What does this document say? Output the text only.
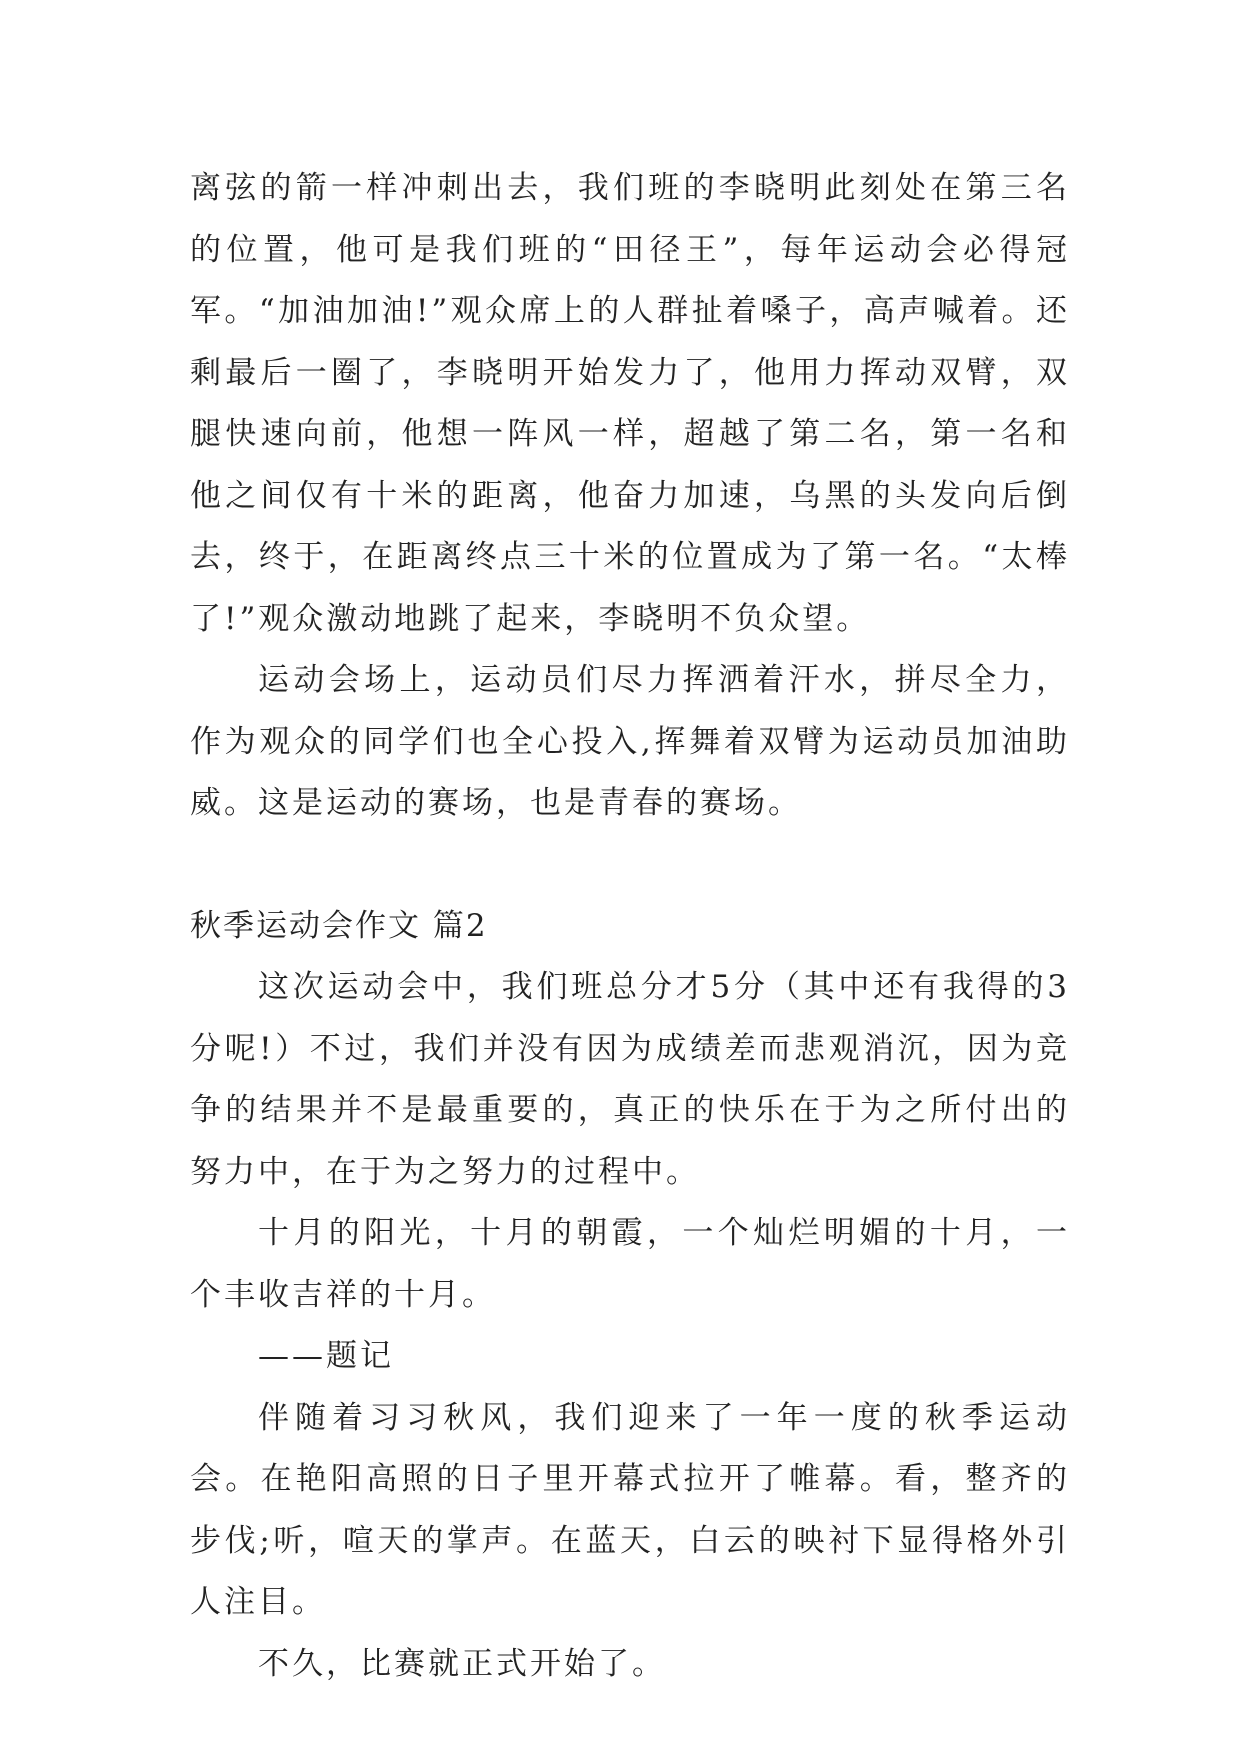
离弦的箭一样冲刺出去，我们班的李晓明此刻处在第三名的位置，他可是我们班的“田径王”，每年运动会必得冠军。“加油加油!”观众席上的人群扯着嗓子，高声喊着。还剩最后一圈了，李晓明开始发力了，他用力挥动双臂，双腿快速向前，他想一阵风一样，超越了第二名，第一名和他之间仅有十米的距离，他奋力加速，乌黑的头发向后倒去，终于，在距离终点三十米的位置成为了第一名。“太棒了!”观众激动地跳了起来，李晓明不负众望。

运动会场上，运动员们尽力挥洒着汗水，拼尽全力，作为观众的同学们也全心投入,挥舞着双臂为运动员加油助威。这是运动的赛场，也是青春的赛场。

秋季运动会作文 篇2

这次运动会中，我们班总分才5分（其中还有我得的3分呢!）不过，我们并没有因为成绩差而悲观消沉，因为竞争的结果并不是最重要的，真正的快乐在于为之所付出的努力中，在于为之努力的过程中。

十月的阳光，十月的朝霞，一个灿烂明媚的十月，一个丰收吉祥的十月。

——题记

伴随着习习秋风，我们迎来了一年一度的秋季运动会。在艳阳高照的日子里开幕式拉开了帷幕。看，整齐的步伐;听，喧天的掌声。在蓝天，白云的映衬下显得格外引人注目。

不久，比赛就正式开始了。
